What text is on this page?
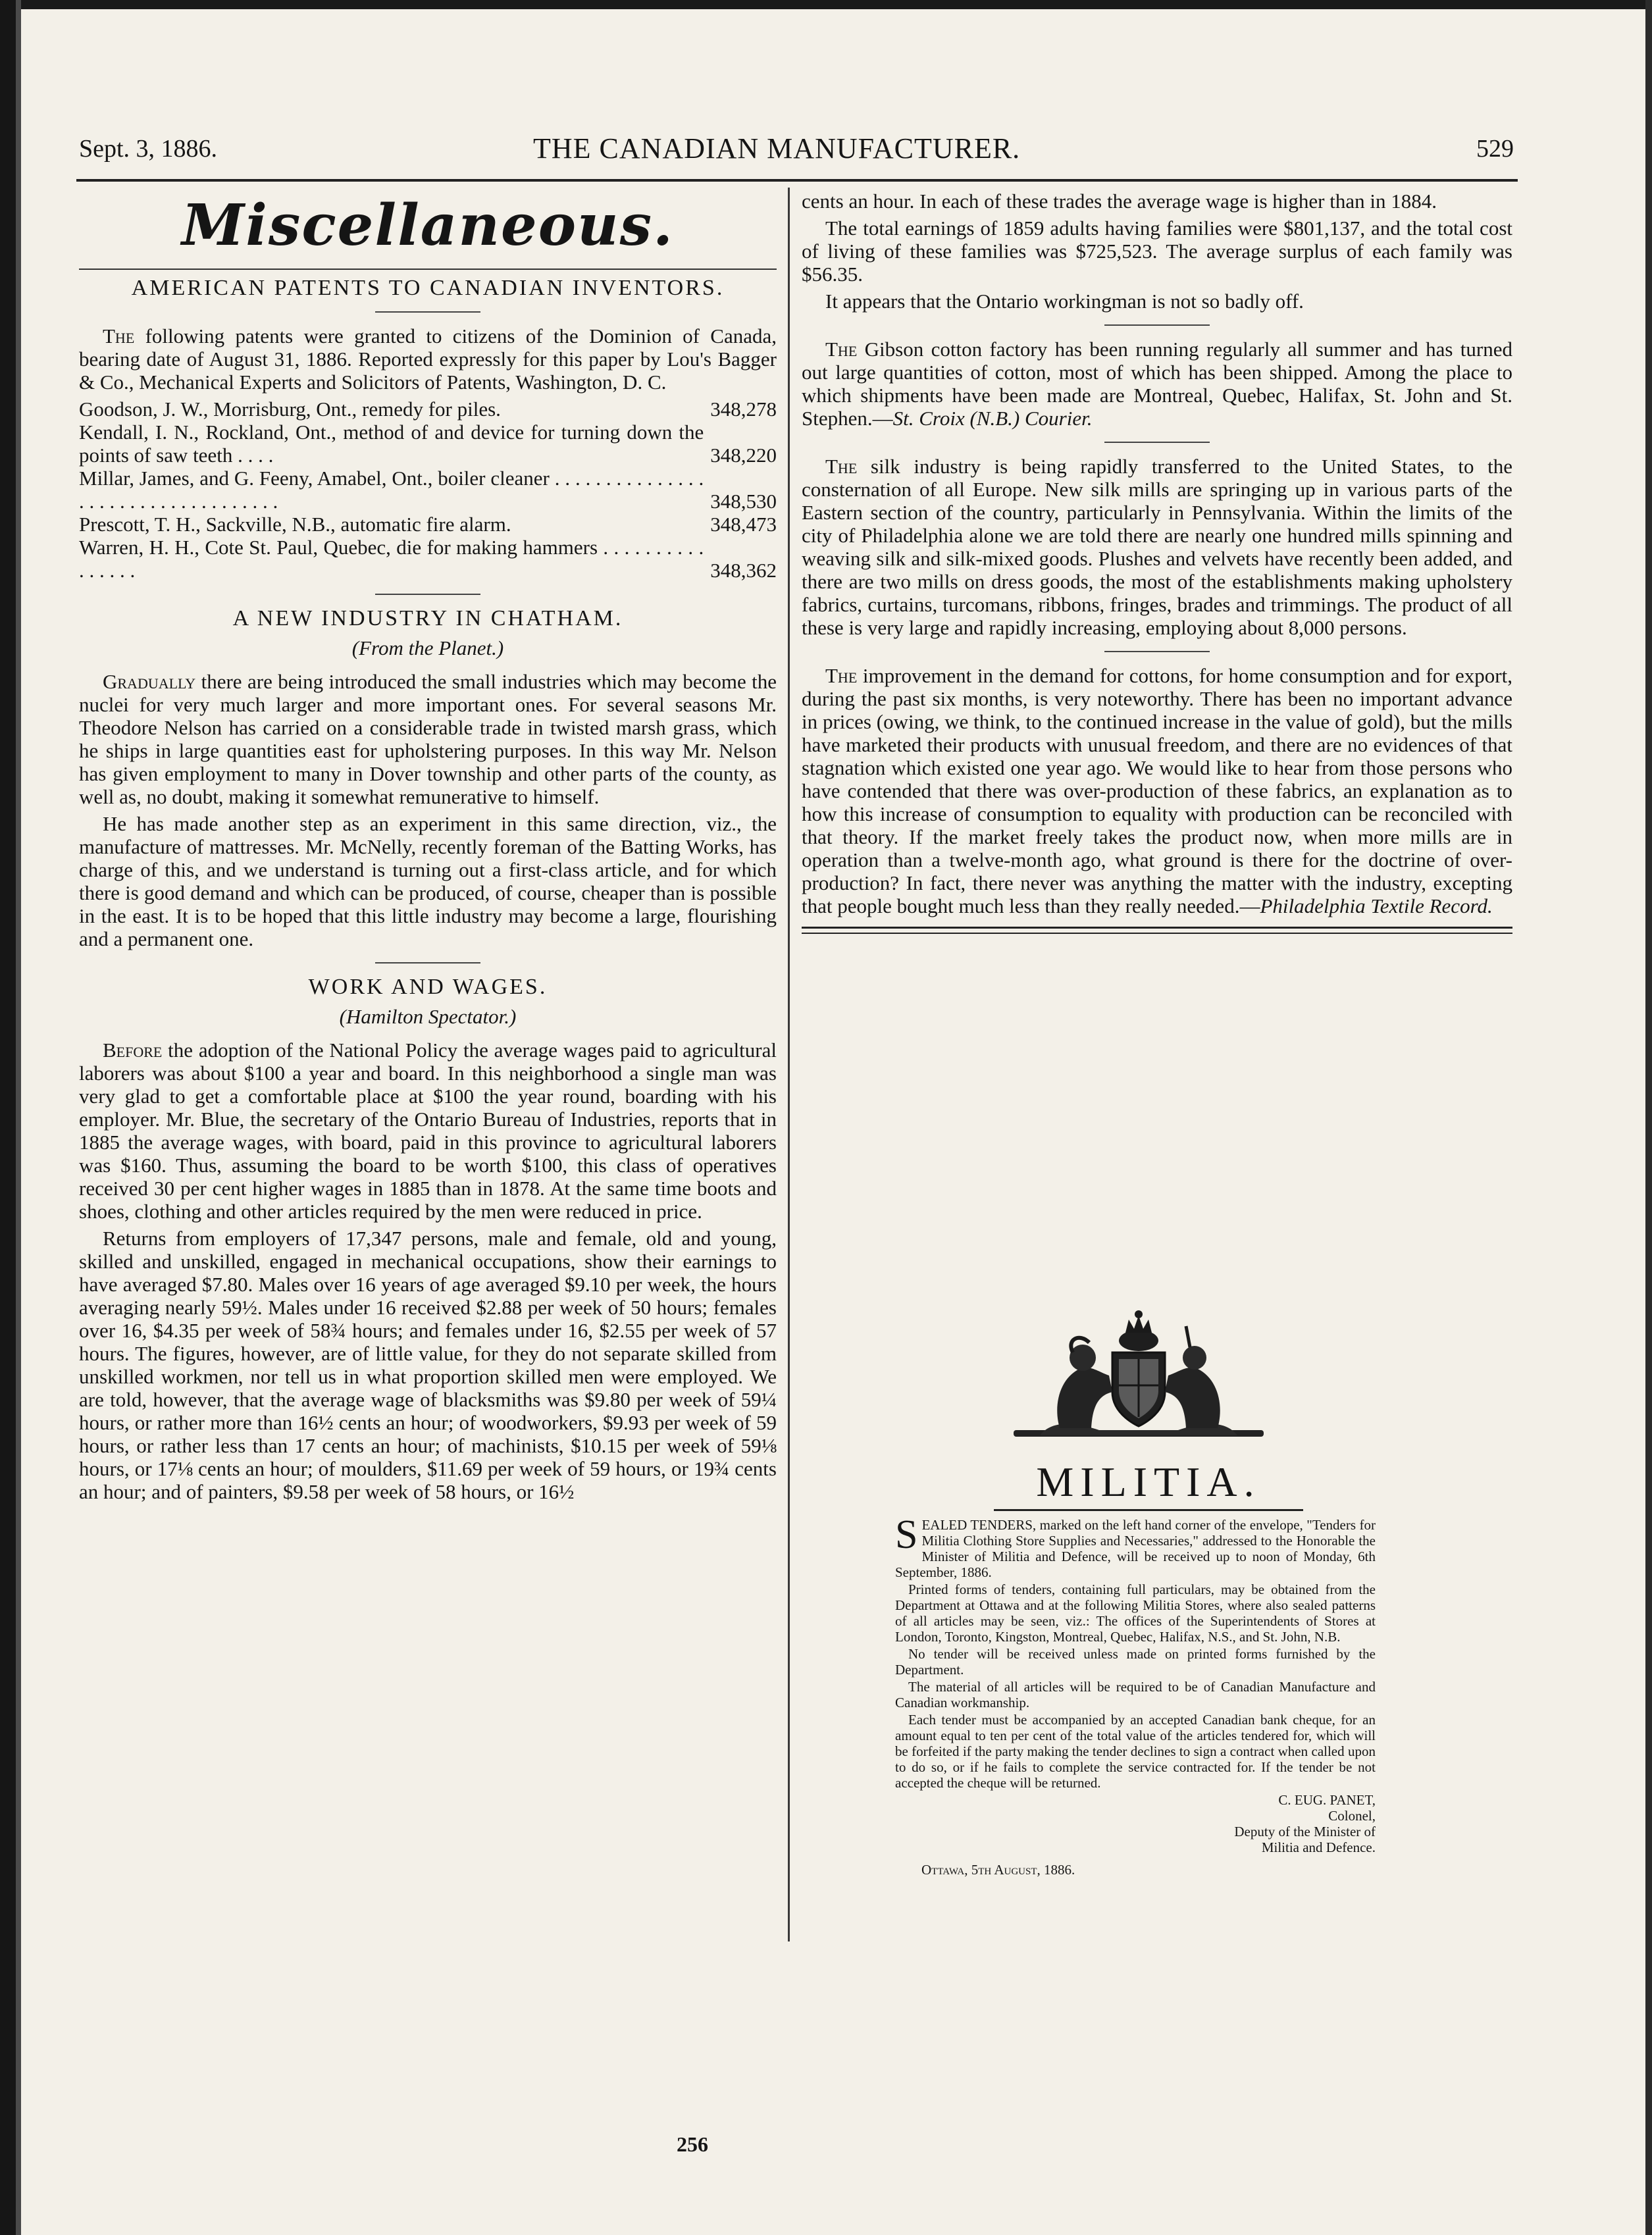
Sept. 3, 1886.	THE CANADIAN MANUFACTURER.	529
Miscellaneous.
AMERICAN PATENTS TO CANADIAN INVENTORS.

The following patents were granted to citizens of the Dominion of Canada, bearing date of August 31, 1886. Reported expressly for this paper by Lou's Bagger & Co., Mechanical Experts and Solicitors of Patents, Washington, D. C.

Goodson, J. W., Morrisburg, Ont., remedy for piles.	348,278
Kendall, I. N., Rockland, Ont., method of and device for turning down the points of saw teeth . . . .	348,220
Millar, James, and G. Feeny, Amabel, Ont., boiler cleaner . . . . . . . . . . . . . . . . . . . . . . . . . . . . . . . . . . .	348,530
Prescott, T. H., Sackville, N.B., automatic fire alarm.	348,473
Warren, H. H., Cote St. Paul, Quebec, die for making hammers . . . . . . . . . . . . . . . .	348,362
A NEW INDUSTRY IN CHATHAM.
(From the Planet.)

Gradually there are being introduced the small industries which may become the nuclei for very much larger and more important ones. For several seasons Mr. Theodore Nelson has carried on a considerable trade in twisted marsh grass, which he ships in large quantities east for upholstering purposes. In this way Mr. Nelson has given employment to many in Dover township and other parts of the county, as well as, no doubt, making it somewhat remunerative to himself.

He has made another step as an experiment in this same direction, viz., the manufacture of mattresses. Mr. McNelly, recently foreman of the Batting Works, has charge of this, and we understand is turning out a first-class article, and for which there is good demand and which can be produced, of course, cheaper than is possible in the east. It is to be hoped that this little industry may become a large, flourishing and a permanent one.

WORK AND WAGES.
(Hamilton Spectator.)

Before the adoption of the National Policy the average wages paid to agricultural laborers was about $100 a year and board. In this neighborhood a single man was very glad to get a comfortable place at $100 the year round, boarding with his employer. Mr. Blue, the secretary of the Ontario Bureau of Industries, reports that in 1885 the average wages, with board, paid in this province to agricultural laborers was $160. Thus, assuming the board to be worth $100, this class of operatives received 30 per cent higher wages in 1885 than in 1878. At the same time boots and shoes, clothing and other articles required by the men were reduced in price.

Returns from employers of 17,347 persons, male and female, old and young, skilled and unskilled, engaged in mechanical occupations, show their earnings to have averaged $7.80. Males over 16 years of age averaged $9.10 per week, the hours averaging nearly 59½. Males under 16 received $2.88 per week of 50 hours; females over 16, $4.35 per week of 58¾ hours; and females under 16, $2.55 per week of 57 hours. The figures, however, are of little value, for they do not separate skilled from unskilled workmen, nor tell us in what proportion skilled men were employed. We are told, however, that the average wage of blacksmiths was $9.80 per week of 59¼ hours, or rather more than 16½ cents an hour; of woodworkers, $9.93 per week of 59 hours, or rather less than 17 cents an hour; of machinists, $10.15 per week of 59⅛ hours, or 17⅛ cents an hour; of moulders, $11.69 per week of 59 hours, or 19¾ cents an hour; and of painters, $9.58 per week of 58 hours, or 16½

256

cents an hour. In each of these trades the average wage is higher than in 1884.

The total earnings of 1859 adults having families were $801,137, and the total cost of living of these families was $725,523. The average surplus of each family was $56.35.

It appears that the Ontario workingman is not so badly off.

The Gibson cotton factory has been running regularly all summer and has turned out large quantities of cotton, most of which has been shipped. Among the place to which shipments have been made are Montreal, Quebec, Halifax, St. John and St. Stephen.—St. Croix (N.B.) Courier.

The silk industry is being rapidly transferred to the United States, to the consternation of all Europe. New silk mills are springing up in various parts of the Eastern section of the country, particularly in Pennsylvania. Within the limits of the city of Philadelphia alone we are told there are nearly one hundred mills spinning and weaving silk and silk-mixed goods. Plushes and velvets have recently been added, and there are two mills on dress goods, the most of the establishments making upholstery fabrics, curtains, turcomans, ribbons, fringes, brades and trimmings. The product of all these is very large and rapidly increasing, employing about 8,000 persons.

The improvement in the demand for cottons, for home consumption and for export, during the past six months, is very noteworthy. There has been no important advance in prices (owing, we think, to the continued increase in the value of gold), but the mills have marketed their products with unusual freedom, and there are no evidences of that stagnation which existed one year ago. We would like to hear from those persons who have contended that there was over-production of these fabrics, an explanation as to how this increase of consumption to equality with production can be reconciled with that theory. If the market freely takes the product now, when more mills are in operation than a twelve-month ago, what ground is there for the doctrine of over-production? In fact, there never was anything the matter with the industry, excepting that people bought much less than they really needed.—Philadelphia Textile Record.

MILITIA.

SEALED TENDERS, marked on the left hand corner of the envelope, "Tenders for Militia Clothing Store Supplies and Necessaries," addressed to the Honorable the Minister of Militia and Defence, will be received up to noon of Monday, 6th September, 1886.

Printed forms of tenders, containing full particulars, may be obtained from the Department at Ottawa and at the following Militia Stores, where also sealed patterns of all articles may be seen, viz.: The offices of the Superintendents of Stores at London, Toronto, Kingston, Montreal, Quebec, Halifax, N.S., and St. John, N.B.

No tender will be received unless made on printed forms furnished by the Department.

The material of all articles will be required to be of Canadian Manufacture and Canadian workmanship.

Each tender must be accompanied by an accepted Canadian bank cheque, for an amount equal to ten per cent of the total value of the articles tendered for, which will be forfeited if the party making the tender declines to sign a contract when called upon to do so, or if he fails to complete the service contracted for. If the tender be not accepted the cheque will be returned.

C. EUG. PANET,
Colonel,
Deputy of the Minister of
Militia and Defence.
Ottawa, 5th August, 1886.
